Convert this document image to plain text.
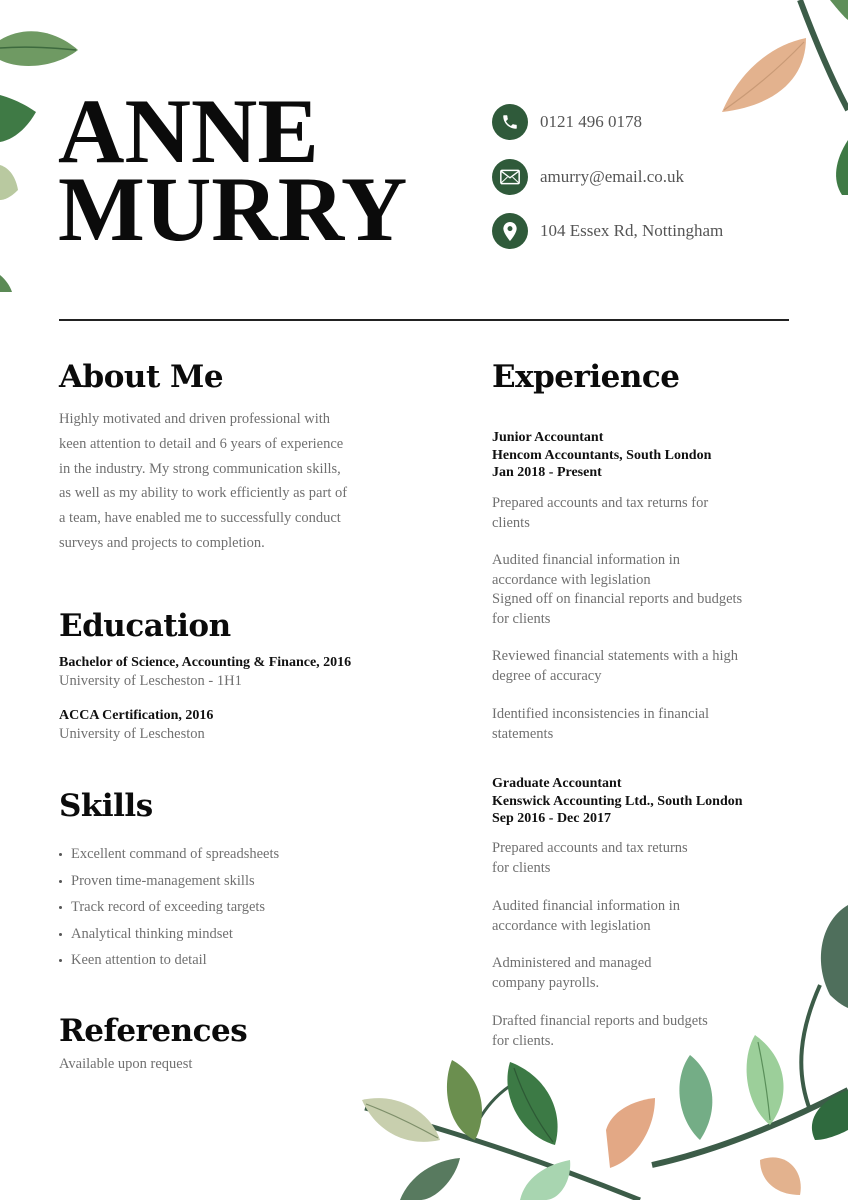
ANNE
MURRY
0121 496 0178
amurry@email.co.uk
104 Essex Rd, Nottingham
About Me
Highly motivated and driven professional with
keen attention to detail and 6 years of experience
in the industry. My strong communication skills,
as well as my ability to work efficiently as part of
a team, have enabled me to successfully conduct
surveys and projects to completion.
Education
Bachelor of Science, Accounting & Finance, 2016
University of Lescheston - 1H1
ACCA Certification, 2016
University of Lescheston
Skills
Excellent command of spreadsheets
Proven time-management skills
Track record of exceeding targets
Analytical thinking mindset
Keen attention to detail
References
Available upon request
Experience
Junior Accountant
Hencom Accountants, South London
Jan 2018 - Present
Prepared accounts and tax returns for
clients
Audited financial information in
accordance with legislation
Signed off on financial reports and budgets
for clients
Reviewed financial statements with a high
degree of accuracy
Identified inconsistencies in financial
statements
Graduate Accountant
Kenswick Accounting Ltd., South London
Sep 2016 - Dec 2017
Prepared accounts and tax returns
for clients
Audited financial information in
accordance with legislation
Administered and managed
company payrolls.
Drafted financial reports and budgets
for clients.
